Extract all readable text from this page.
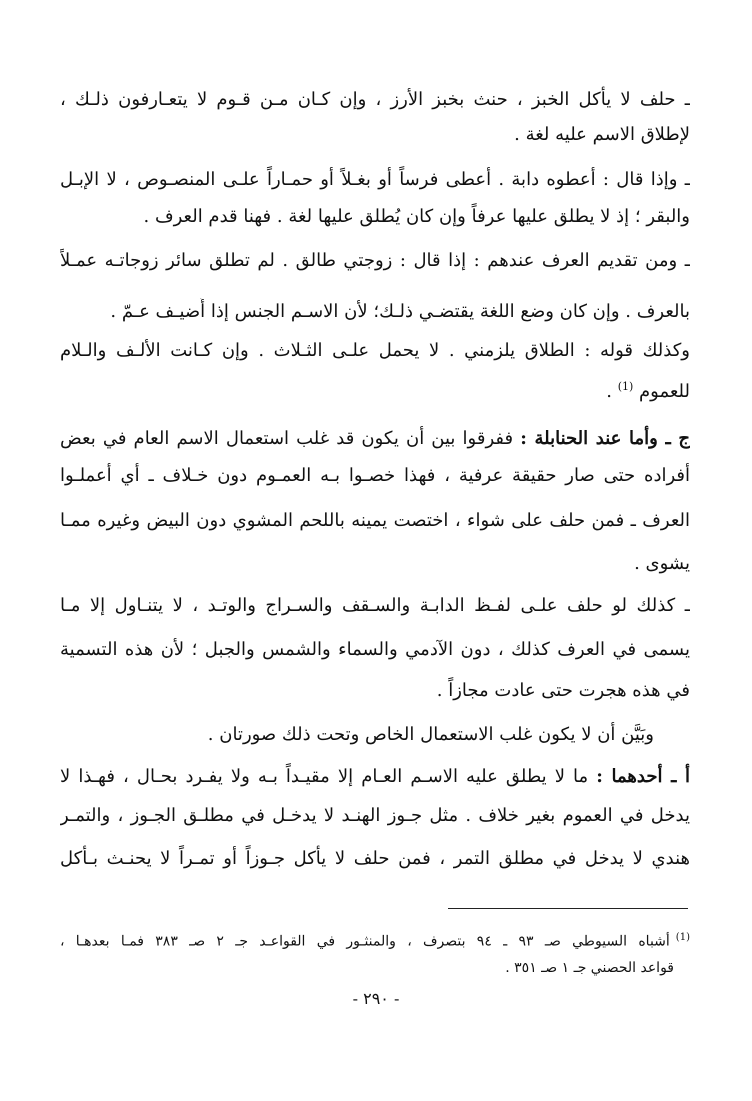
ـ حلف لا يأكل الخبز ، حنث بخبز الأرز ، وإن كـان مـن قـوم لا يتعـارفون ذلـك ،
لإطلاق الاسم عليه لغة .
ـ وإذا قال : أعطوه دابة . أعطى فرساً أو بغـلاً أو حمـاراً علـى المنصـوص ، لا الإبـل
والبقر ؛ إذ لا يطلق عليها عرفاً وإن كان يُطلق عليها لغة . فهنا قدم العرف .
ـ ومن تقديم العرف عندهم : إذا قال : زوجتي طالق . لم تطلق سائر زوجاتـه عمـلاً
بالعرف . وإن كان وضع اللغة يقتضـي ذلـك؛ لأن الاسـم الجنس إذا أُضيـف عـمّ .
وكذلك قوله : الطلاق يلزمني . لا يحمل علـى الثـلاث . وإن كـانت الألـف والـلام
للعموم $^{(1)}$ .
ج ـ وأما عند الحنابلة : ففرقوا بين أن يكون قد غلب استعمال الاسم العام في بعض
أفراده حتى صار حقيقة عرفية ، فهذا خصـوا بـه العمـوم دون خـلاف ـ أي أعملـوا
العرف ـ فمن حلف على شواء ، اختصت يمينه باللحم المشوي دون البيض وغيره ممـا
يشوى .
ـ كذلك لو حلف علـى لفـظ الدابـة والسـقف والسـراج والوتـد ، لا يتنـاول إلا مـا
يسمى في العرف كذلك ، دون الآدمي والسماء والشمس والجبل ؛ لأن هذه التسمية
في هذه هجرت حتى عادت مجازاً .
وبَيَّن أن لا يكون غلب الاستعمال الخاص وتحت ذلك صورتان .
أ ـ أحدهما : ما لا يطلق عليه الاسـم العـام إلا مقيـداً بـه ولا يفـرد بحـال ، فهـذا لا
يدخل في العموم بغير خلاف . مثل جـوز الهنـد لا يدخـل في مطلـق الجـوز ، والتمـر
هندي لا يدخل في مطلق التمر ، فمن حلف لا يأكل جـوزاً أو تمـراً لا يحنـث بـأكل
$^{(1)}$أشباه السيوطي صـ ٩٣ ـ ٩٤ بتصرف ، والمنثـور في القواعـد جـ ٢ صـ ٣٨٣ فمـا بعدهـا ،
قواعد الحصني جـ ١ صـ ٣٥١ .
- ٢٩٠ -
